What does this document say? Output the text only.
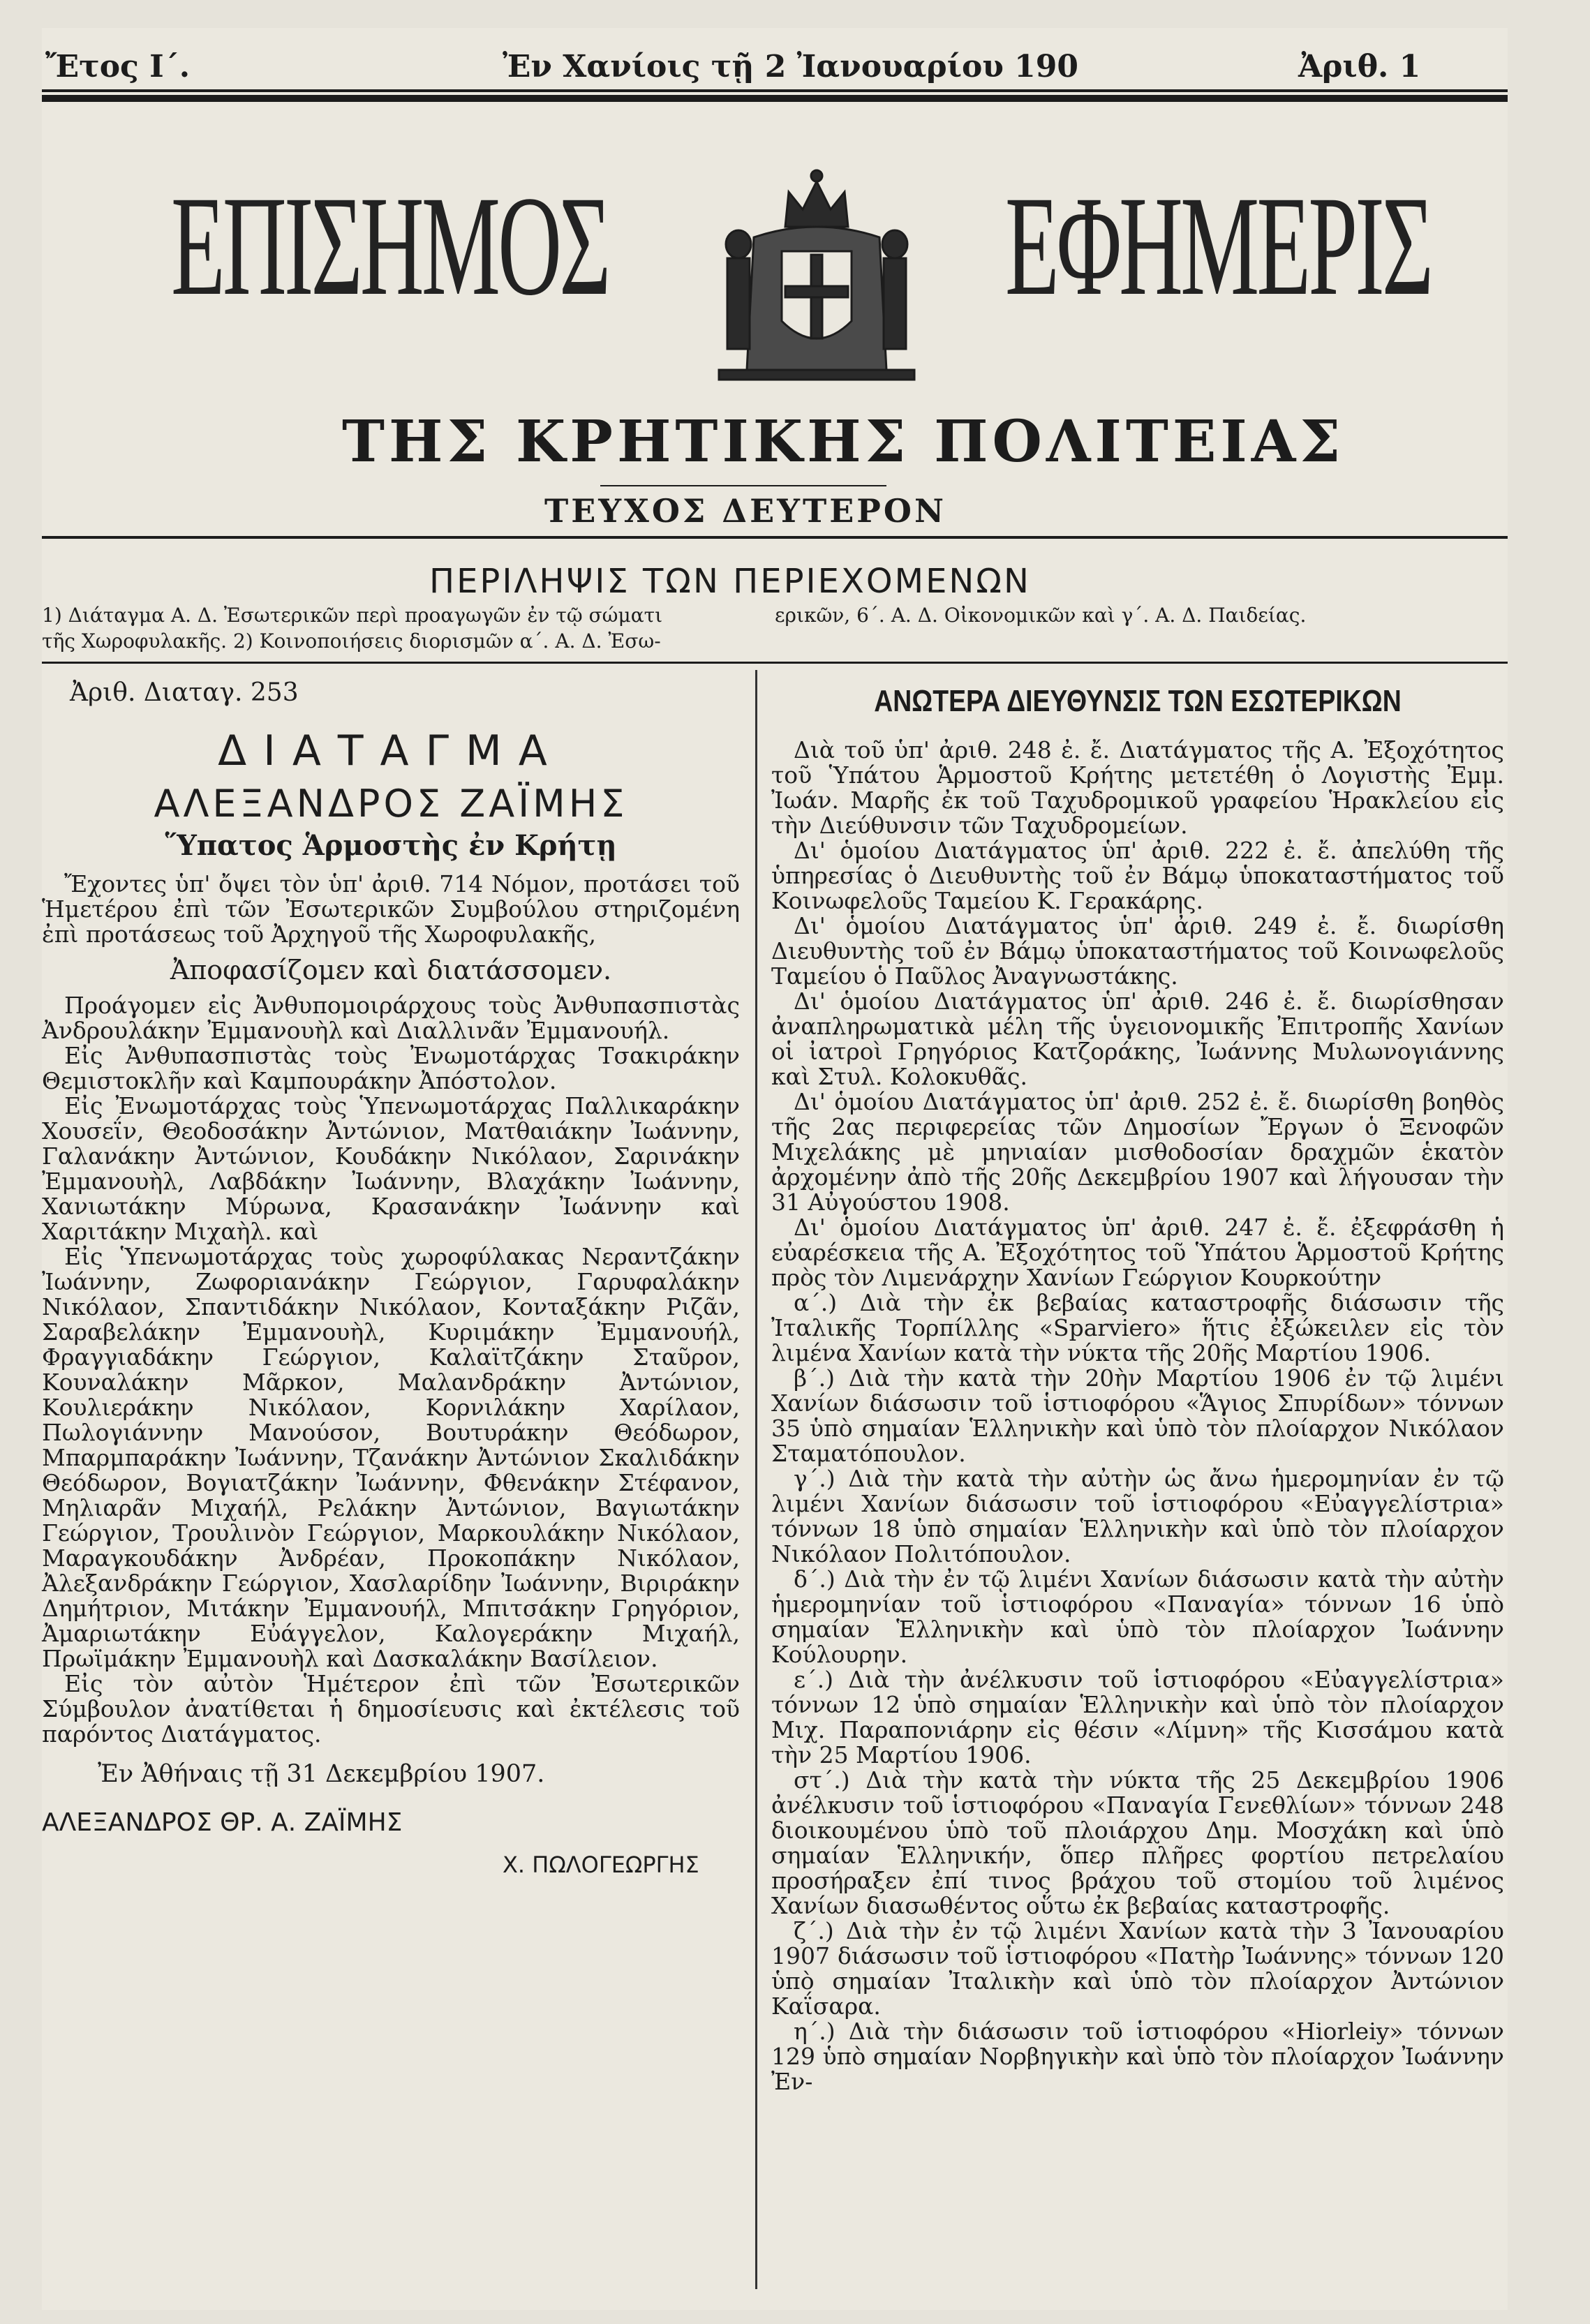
Ἔτος Ι΄.	Ἐν Χανίοις τῇ 2 Ἰανουαρίου 190	Ἀριθ. 1
ΕΠΙΣΗΜΟΣ	ΕΦΗΜΕΡΙΣ
ΤΗΣ ΚΡΗΤΙΚΗΣ ΠΟΛΙΤΕΙΑΣ
ΤΕΥΧΟΣ ΔΕΥΤΕΡΟΝ
ΠΕΡΙΛΗΨΙΣ ΤΩΝ ΠΕΡΙΕΧΟΜΕΝΩΝ
1) Διάταγμα Α. Δ. Ἐσωτερικῶν περὶ προαγωγῶν ἐν τῷ σώματι
τῆς Χωροφυλακῆς. 2) Κοινοποιήσεις διορισμῶν α΄. Α. Δ. Ἐσω-
ερικῶν, 6΄. Α. Δ. Οἰκονομικῶν καὶ γ΄. Α. Δ. Παιδείας.
Ἀριθ. Διαταγ. 253
ΔΙΑΤΑΓΜΑ
ΑΛΕΞΑΝΔΡΟΣ ΖΑΪΜΗΣ
Ὕπατος Ἁρμοστὴς ἐν Κρήτῃ

Ἔχοντες ὑπ' ὄψει τὸν ὑπ' ἀριθ. 714 Νόμον, προτάσει τοῦ Ἡμετέρου ἐπὶ τῶν Ἐσωτερικῶν Συμβούλου στηριζομένη ἐπὶ προτάσεως τοῦ Ἀρχηγοῦ τῆς Χωροφυλακῆς,

Ἀποφασίζομεν καὶ διατάσσομεν.

Προάγομεν εἰς Ἀνθυπομοιράρχους τοὺς Ἀνθυπασπιστὰς Ἀνδρουλάκην Ἐμμανουὴλ καὶ Διαλλινᾶν Ἐμμανουήλ.

Εἰς Ἀνθυπασπιστὰς τοὺς Ἐνωμοτάρχας Τσακιράκην Θεμιστοκλῆν καὶ Καμπουράκην Ἀπόστολον.

Εἰς Ἐνωμοτάρχας τοὺς Ὑπενωμοτάρχας Παλλικαράκην Χουσεΐν, Θεοδοσάκην Ἀντώνιον, Ματθαιάκην Ἰωάννην, Γαλανάκην Ἀντώνιον, Κουδάκην Νικόλαον, Σαρινάκην Ἐμμανουὴλ, Λαβδάκην Ἰωάννην, Βλαχάκην Ἰωάννην, Χανιωτάκην Μύρωνα, Κρασανάκην Ἰωάννην καὶ Χαριτάκην Μιχαὴλ. καὶ

Εἰς Ὑπενωμοτάρχας τοὺς χωροφύλακας Νεραντζάκην Ἰωάννην, Ζωφοριανάκην Γεώργιον, Γαρυφαλάκην Νικόλαον, Σπαντιδάκην Νικόλαον, Κονταξάκην Ριζᾶν, Σαραβελάκην Ἐμμανουὴλ, Κυριμάκην Ἐμμανουήλ, Φραγγιαδάκην Γεώργιον, Καλαϊτζάκην Σταῦρον, Κουναλάκην Μᾶρκον, Μαλανδράκην Ἀντώνιον, Κουλιεράκην Νικόλαον, Κορνιλάκην Χαρίλαον, Πωλογιάννην Μανούσον, Βουτυράκην Θεόδωρον, Μπαρμπαράκην Ἰωάννην, Τζανάκην Ἀντώνιον Σκαλιδάκην Θεόδωρον, Βογιατζάκην Ἰωάννην, Φθενάκην Στέφανον, Μηλιαρᾶν Μιχαήλ, Ρελάκην Ἀντώνιον, Βαγιωτάκην Γεώργιον, Τρουλινὸν Γεώργιον, Μαρκουλάκην Νικόλαον, Μαραγκουδάκην Ἀνδρέαν, Προκοπάκην Νικόλαον, Ἀλεξανδράκην Γεώργιον, Χασλαρίδην Ἰωάννην, Βιριράκην Δημήτριον, Μιτάκην Ἐμμανουήλ, Μπιτσάκην Γρηγόριον, Ἀμαριωτάκην Εὐάγγελον, Καλογεράκην Μιχαήλ, Πρωϊμάκην Ἐμμανουὴλ καὶ Δασκαλάκην Βασίλειον.

Εἰς τὸν αὐτὸν Ἡμέτερον ἐπὶ τῶν Ἐσωτερικῶν Σύμβουλον ἀνατίθεται ἡ δημοσίευσις καὶ ἐκτέλεσις τοῦ παρόντος Διατάγματος.

Ἐν Ἀθήναις τῇ 31 Δεκεμβρίου 1907.
ΑΛΕΞΑΝΔΡΟΣ ΘΡ. Α. ΖΑΪΜΗΣ
Χ. ΠΩΛΟΓΕΩΡΓΗΣ
ΑΝΩΤΕΡΑ ΔΙΕΥΘΥΝΣΙΣ ΤΩΝ ΕΣΩΤΕΡΙΚΩΝ

Διὰ τοῦ ὑπ' ἀριθ. 248 ἐ. ἔ. Διατάγματος τῆς Α. Ἐξοχότητος τοῦ Ὑπάτου Ἁρμοστοῦ Κρήτης μετετέθη ὁ Λογιστὴς Ἐμμ. Ἰωάν. Μαρῆς ἐκ τοῦ Ταχυδρομικοῦ γραφείου Ἡρακλείου εἰς τὴν Διεύθυνσιν τῶν Ταχυδρομείων.

Δι' ὁμοίου Διατάγματος ὑπ' ἀριθ. 222 ἐ. ἔ. ἀπελύθη τῆς ὑπηρεσίας ὁ Διευθυντὴς τοῦ ἐν Βάμῳ ὑποκαταστήματος τοῦ Κοινωφελοῦς Ταμείου Κ. Γερακάρης.

Δι' ὁμοίου Διατάγματος ὑπ' ἀριθ. 249 ἐ. ἔ. διωρίσθη Διευθυντὴς τοῦ ἐν Βάμῳ ὑποκαταστήματος τοῦ Κοινωφελοῦς Ταμείου ὁ Παῦλος Ἀναγνωστάκης.

Δι' ὁμοίου Διατάγματος ὑπ' ἀριθ. 246 ἐ. ἔ. διωρίσθησαν ἀναπληρωματικὰ μέλη τῆς ὑγειονομικῆς Ἐπιτροπῆς Χανίων οἱ ἰατροὶ Γρηγόριος Κατζοράκης, Ἰωάννης Μυλωνογιάννης καὶ Στυλ. Κολοκυθᾶς.

Δι' ὁμοίου Διατάγματος ὑπ' ἀριθ. 252 ἐ. ἔ. διωρίσθη βοηθὸς τῆς 2ας περιφερείας τῶν Δημοσίων Ἔργων ὁ Ξενοφῶν Μιχελάκης μὲ μηνιαίαν μισθοδοσίαν δραχμῶν ἑκατὸν ἀρχομένην ἀπὸ τῆς 20ῆς Δεκεμβρίου 1907 καὶ λήγουσαν τὴν 31 Αὐγούστου 1908.

Δι' ὁμοίου Διατάγματος ὑπ' ἀριθ. 247 ἐ. ἔ. ἐξεφράσθη ἡ εὐαρέσκεια τῆς Α. Ἐξοχότητος τοῦ Ὑπάτου Ἁρμοστοῦ Κρήτης πρὸς τὸν Λιμενάρχην Χανίων Γεώργιον Κουρκούτην

α΄.) Διὰ τὴν ἐκ βεβαίας καταστροφῆς διάσωσιν τῆς Ἰταλικῆς Τορπίλλης «Sparviero» ἥτις ἐξώκειλεν εἰς τὸν λιμένα Χανίων κατὰ τὴν νύκτα τῆς 20ῆς Μαρτίου 1906.

β΄.) Διὰ τὴν κατὰ τὴν 20ὴν Μαρτίου 1906 ἐν τῷ λιμένι Χανίων διάσωσιν τοῦ ἱστιοφόρου «Ἅγιος Σπυρίδων» τόννων 35 ὑπὸ σημαίαν Ἑλληνικὴν καὶ ὑπὸ τὸν πλοίαρχον Νικόλαον Σταματόπουλον.

γ΄.) Διὰ τὴν κατὰ τὴν αὐτὴν ὡς ἄνω ἡμερομηνίαν ἐν τῷ λιμένι Χανίων διάσωσιν τοῦ ἱστιοφόρου «Εὐαγγελίστρια» τόννων 18 ὑπὸ σημαίαν Ἑλληνικὴν καὶ ὑπὸ τὸν πλοίαρχον Νικόλαον Πολιτόπουλον.

δ΄.) Διὰ τὴν ἐν τῷ λιμένι Χανίων διάσωσιν κατὰ τὴν αὐτὴν ἡμερομηνίαν τοῦ ἱστιοφόρου «Παναγία» τόννων 16 ὑπὸ σημαίαν Ἑλληνικὴν καὶ ὑπὸ τὸν πλοίαρχον Ἰωάννην Κούλουρην.

ε΄.) Διὰ τὴν ἀνέλκυσιν τοῦ ἱστιοφόρου «Εὐαγγελίστρια» τόννων 12 ὑπὸ σημαίαν Ἑλληνικὴν καὶ ὑπὸ τὸν πλοίαρχον Μιχ. Παραπονιάρην εἰς θέσιν «Λίμνη» τῆς Κισσάμου κατὰ τὴν 25 Μαρτίου 1906.

στ΄.) Διὰ τὴν κατὰ τὴν νύκτα τῆς 25 Δεκεμβρίου 1906 ἀνέλκυσιν τοῦ ἱστιοφόρου «Παναγία Γενεθλίων» τόννων 248 διοικουμένου ὑπὸ τοῦ πλοιάρχου Δημ. Μοσχάκη καὶ ὑπὸ σημαίαν Ἑλληνικήν, ὅπερ πλῆρες φορτίου πετρελαίου προσήραξεν ἐπί τινος βράχου τοῦ στομίου τοῦ λιμένος Χανίων διασωθέντος οὕτω ἐκ βεβαίας καταστροφῆς.

ζ΄.) Διὰ τὴν ἐν τῷ λιμένι Χανίων κατὰ τὴν 3 Ἰανουαρίου 1907 διάσωσιν τοῦ ἱστιοφόρου «Πατὴρ Ἰωάννης» τόννων 120 ὑπὸ σημαίαν Ἰταλικὴν καὶ ὑπὸ τὸν πλοίαρχον Ἀντώνιον Καΐσαρα.

η΄.) Διὰ τὴν διάσωσιν τοῦ ἱστιοφόρου «Hiorleiy» τόννων 129 ὑπὸ σημαίαν Νορβηγικὴν καὶ ὑπὸ τὸν πλοίαρχον Ἰωάννην Ἐν-
